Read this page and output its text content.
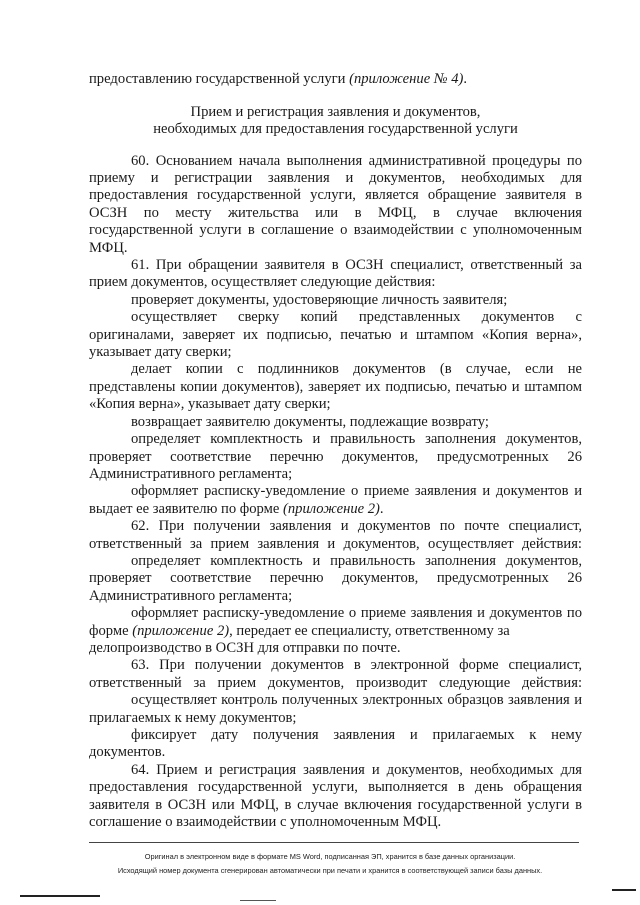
предоставлению государственной услуги (приложение № 4).
Прием и регистрация заявления и документов,
необходимых для предоставления государственной услуги
60. Основанием начала выполнения административной процедуры по
приему и регистрации заявления и документов, необходимых для
предоставления государственной услуги, является обращение заявителя в
ОСЗН по месту жительства или в МФЦ, в случае включения
государственной услуги в соглашение о взаимодействии с уполномоченным
МФЦ.
61. При обращении заявителя в ОСЗН специалист, ответственный за
прием документов, осуществляет следующие действия:
проверяет документы, удостоверяющие личность заявителя;
осуществляет сверку копий представленных документов с
оригиналами, заверяет их подписью, печатью и штампом «Копия верна»,
указывает дату сверки;
делает копии с подлинников документов (в случае, если не
представлены копии документов), заверяет их подписью, печатью и штампом
«Копия верна», указывает дату сверки;
возвращает заявителю документы, подлежащие возврату;
определяет комплектность и правильность заполнения документов,
проверяет соответствие перечню документов, предусмотренных 26
Административного регламента;
оформляет расписку-уведомление о приеме заявления и документов и
выдает ее заявителю по форме (приложение 2).
62. При получении заявления и документов по почте специалист,
ответственный за прием заявления и документов, осуществляет действия:
определяет комплектность и правильность заполнения документов,
проверяет соответствие перечню документов, предусмотренных 26
Административного регламента;
оформляет расписку-уведомление о приеме заявления и документов по
форме (приложение 2), передает ее специалисту, ответственному за
делопроизводство в ОСЗН для отправки по почте.
63. При получении документов в электронной форме специалист,
ответственный за прием документов, производит следующие действия:
осуществляет контроль полученных электронных образцов заявления и
прилагаемых к нему документов;
фиксирует дату получения заявления и прилагаемых к нему
документов.
64. Прием и регистрация заявления и документов, необходимых для
предоставления государственной услуги, выполняется в день обращения
заявителя в ОСЗН или МФЦ, в случае включения государственной услуги в
соглашение о взаимодействии с уполномоченным МФЦ.
Оригинал в электронном виде в формате MS Word, подписанная ЭП, хранится в базе данных организации.
Исходящий номер документа сгенерирован автоматически при печати и хранится в соответствующей записи базы данных.
